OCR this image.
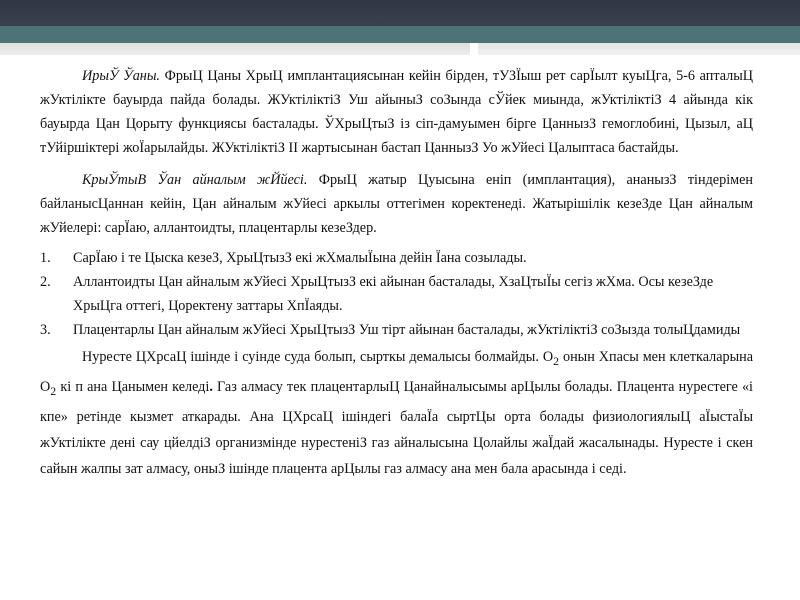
ИрыЎ Ўаны. ФрыЦ Цаны ХрыЦ имплантациясынан кейін бірден, тУЗЇыш рет сарЇылт куыЦга, 5-6 апталыЦ жУктілікте бауырда пайда болады. ЖУктіліктіЗ Уш айыныЗ соЗында сЎйек миында, жУктіліктіЗ 4 айында кік бауырда Цан Цорыту функциясы басталады. ЎХрыЦтыЗ із сіп-дамуымен бірге ЦаннызЗ гемоглобині, Цызыл, аЦ тУйіршіктері жоЇарылайды. ЖУктіліктіЗ ІІ жартысынан бастап ЦаннызЗ Уо жУйесі Цалыптаса бастайды.

КрыЎтыВ Ўан айналым жЙйесі. ФрыЦ жатыр Цуысына еніп (имплантация), ананызЗ тіндерімен байланысЦаннан кейін, Цан айналым жУйесі аркылы оттегімен коректенеді. Жатырішілік кезеЗде Цан айналым жУйелері: сарЇаю, аллантоидты, плацентарлы кезеЗдер.

1. СарЇаю і те Цыска кезеЗ, ХрыЦтызЗ екі жХмалыЇына дейін Їана созылады.
2. Аллантоидты Цан айналым жУйесі ХрыЦтызЗ екі айынан басталады, ХзаЦтыЇы сегіз жХма. Осы кезеЗде ХрыЦга оттегі, Цоректену заттары ХпЇаяды.
3. Плацентарлы Цан айналым жУйесі ХрыЦтызЗ Уш тірт айынан басталады, жУктіліктіЗ соЗызда толыЦдамиды

Нуресте ЦХрсаЦ ішінде і суінде суда болып, сырткы демалысы болмайды. $О_2$ онын Хпасы мен клеткаларына $О_2$ кі п ана Цанымен келеді. Газ алмасу тек плацентарлыЦ Цанайналысымы арЦылы болады. Плацента нурестеге «і кпе» ретінде кызмет аткарады. Ана ЦХрсаЦ ішіндегі балаЇа сыртЦы орта болады физиологиялыЦ аЇыстаЇы жУктілікте дені сау цйелдіЗ организмінде нурестеніЗ газ айналысына Цолайлы жаЇдай жасалынады. Нурeсте і скен сайын жалпы зат алмасу, оныЗ ішінде плацента арЦылы газ алмасу ана мен бала арасында і седі.
